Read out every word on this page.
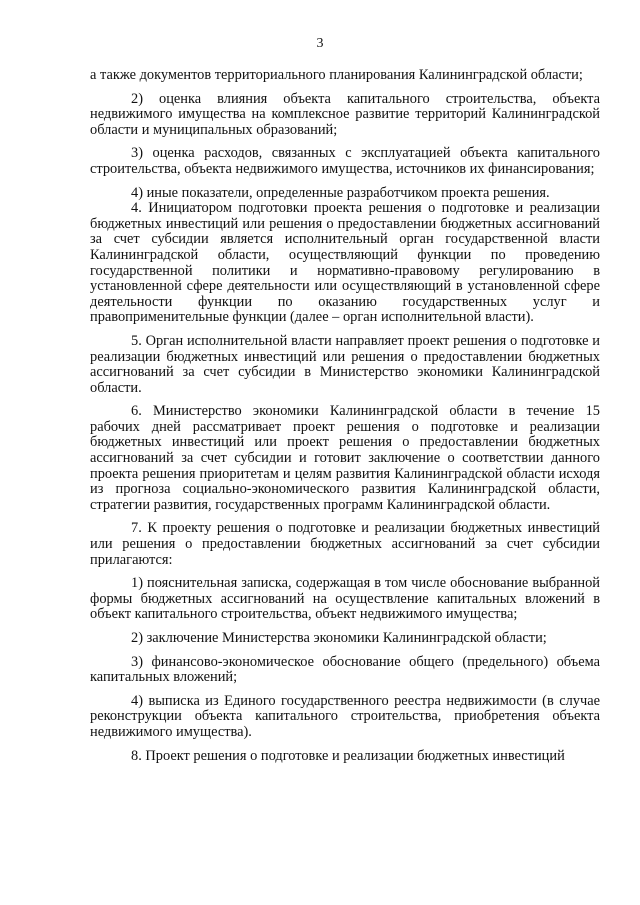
3

а также документов территориального планирования Калининградской области;

2) оценка влияния объекта капитального строительства, объекта недвижимого имущества на комплексное развитие территорий Калининградской области и муниципальных образований;

3) оценка расходов, связанных с эксплуатацией объекта капитального строительства, объекта недвижимого имущества, источников их финансирования;

4) иные показатели, определенные разработчиком проекта решения.

4. Инициатором подготовки проекта решения о подготовке и реализации бюджетных инвестиций или решения о предоставлении бюджетных ассигнований за счет субсидии является исполнительный орган государственной власти Калининградской области, осуществляющий функции по проведению государственной политики и нормативно-правовому регулированию в установленной сфере деятельности или осуществляющий в установленной сфере деятельности функции по оказанию государственных услуг и правоприменительные функции (далее – орган исполнительной власти).

5. Орган исполнительной власти направляет проект решения о подготовке и реализации бюджетных инвестиций или решения о предоставлении бюджетных ассигнований за счет субсидии в Министерство экономики Калининградской области.

6. Министерство экономики Калининградской области в течение 15 рабочих дней рассматривает проект решения о подготовке и реализации бюджетных инвестиций или проект решения о предоставлении бюджетных ассигнований за счет субсидии и готовит заключение о соответствии данного проекта решения приоритетам и целям развития Калининградской области исходя из прогноза социально-экономического развития Калининградской области, стратегии развития, государственных программ Калининградской области.

7. К проекту решения о подготовке и реализации бюджетных инвестиций или решения о предоставлении бюджетных ассигнований за счет субсидии прилагаются:

1) пояснительная записка, содержащая в том числе обоснование выбранной формы бюджетных ассигнований на осуществление капитальных вложений в объект капитального строительства, объект недвижимого имущества;

2) заключение Министерства экономики Калининградской области;

3) финансово-экономическое обоснование общего (предельного) объема капитальных вложений;

4) выписка из Единого государственного реестра недвижимости (в случае реконструкции объекта капитального строительства, приобретения объекта недвижимого имущества).

8. Проект решения о подготовке и реализации бюджетных инвестиций
